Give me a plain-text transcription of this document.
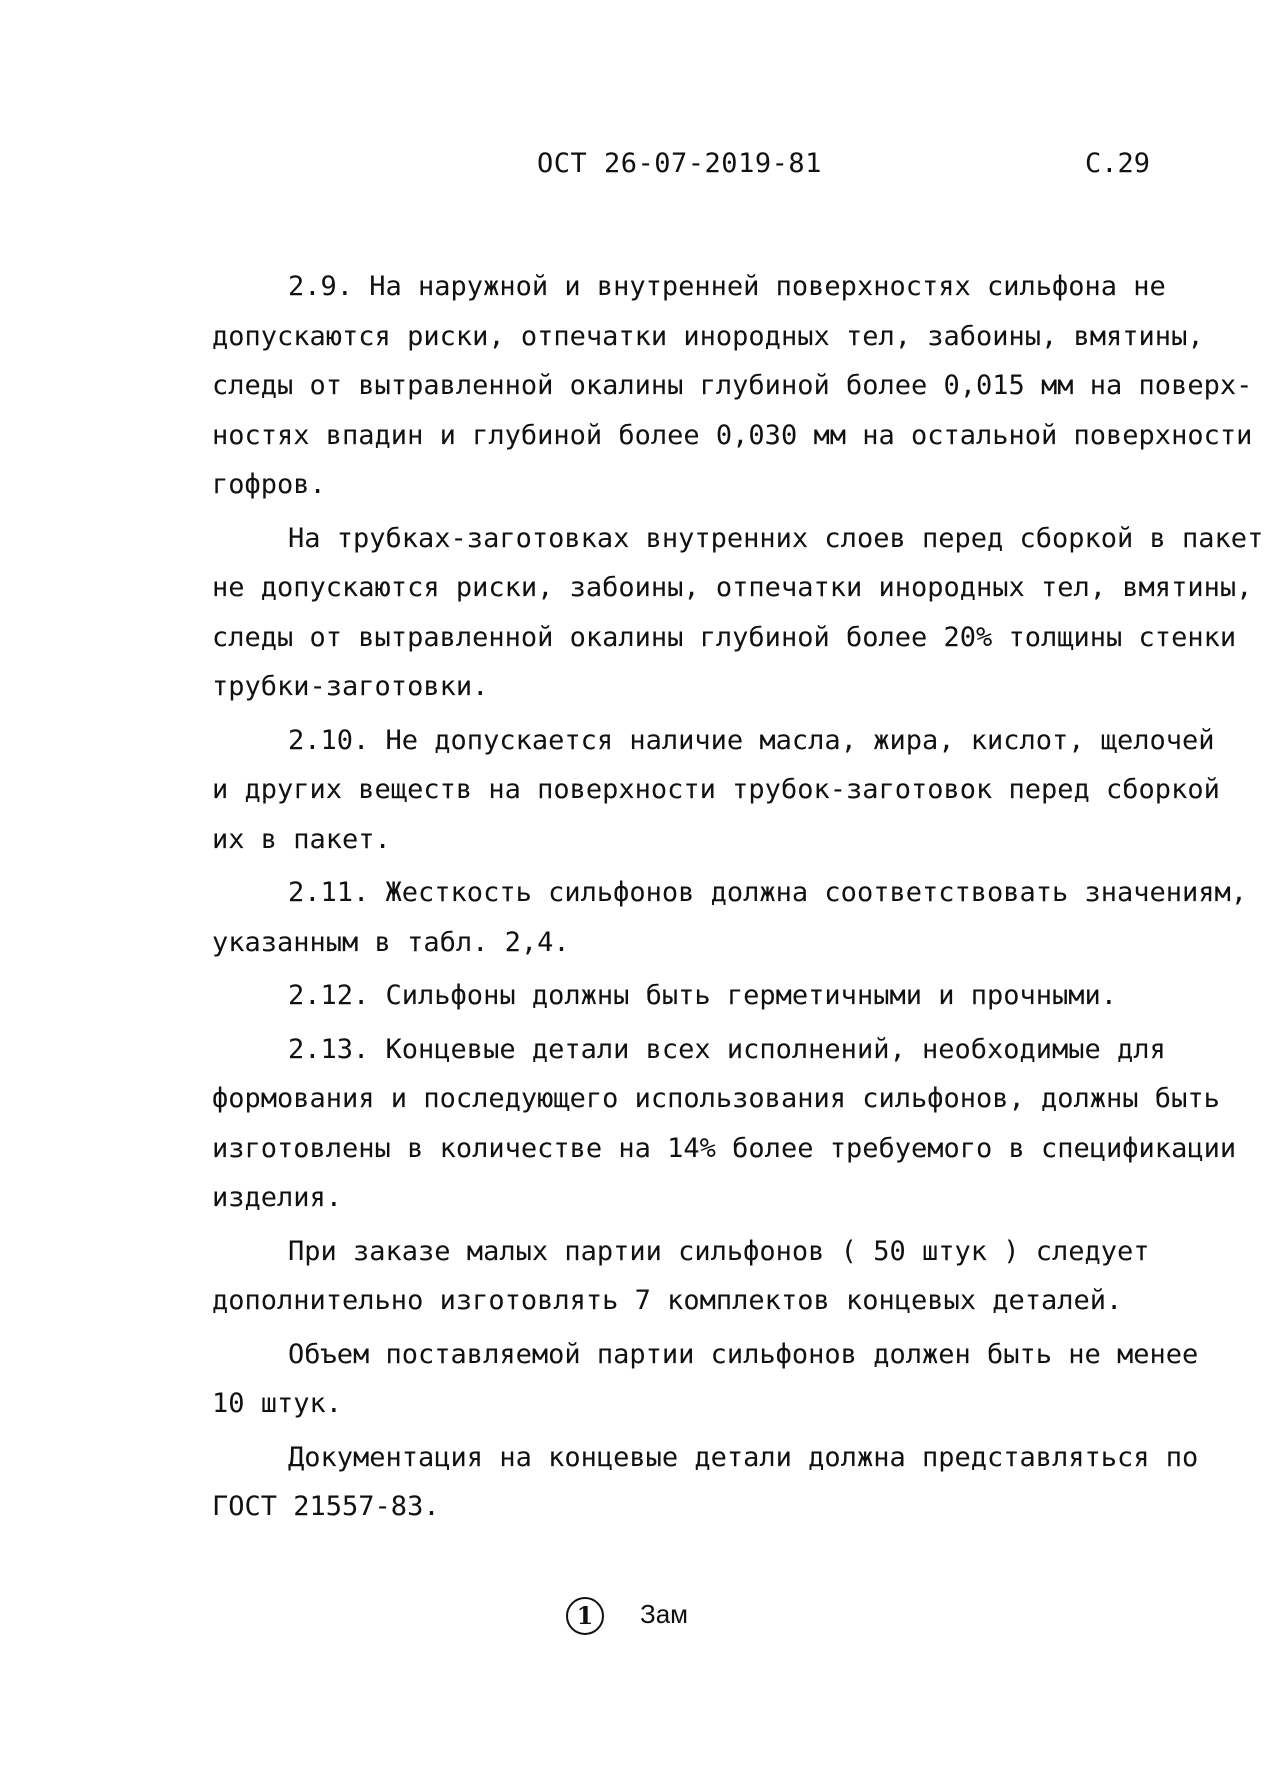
ОСТ 26-07-2019-81	С.29

2.9. На наружной и внутренней поверхностях сильфона не
допускаются риски, отпечатки инородных тел, забоины, вмятины,
следы от вытравленной окалины глубиной более 0,015 мм на поверх-
ностях впадин и глубиной более 0,030 мм на остальной поверхности
гофров.

На трубках-заготовках внутренних слоев перед сборкой в пакет
не допускаются риски, забоины, отпечатки инородных тел, вмятины,
следы от вытравленной окалины глубиной более 20% толщины стенки
трубки-заготовки.

2.10. Не допускается наличие масла, жира, кислот, щелочей
и других веществ на поверхности трубок-заготовок перед сборкой
их в пакет.

2.11. Жесткость сильфонов должна соответствовать значениям,
указанным в табл. 2,4.

2.12. Сильфоны должны быть герметичными и прочными.

2.13. Концевые детали всех исполнений, необходимые для
формования и последующего использования сильфонов, должны быть
изготовлены в количестве на 14% более требуемого в спецификации
изделия.

При заказе малых партии сильфонов ( 50 штук ) следует
дополнительно изготовлять 7 комплектов концевых деталей.

Объем поставляемой партии сильфонов должен быть не менее
10 штук.

Документация на концевые детали должна представляться по
ГОСТ 21557-83.

1	Зам
